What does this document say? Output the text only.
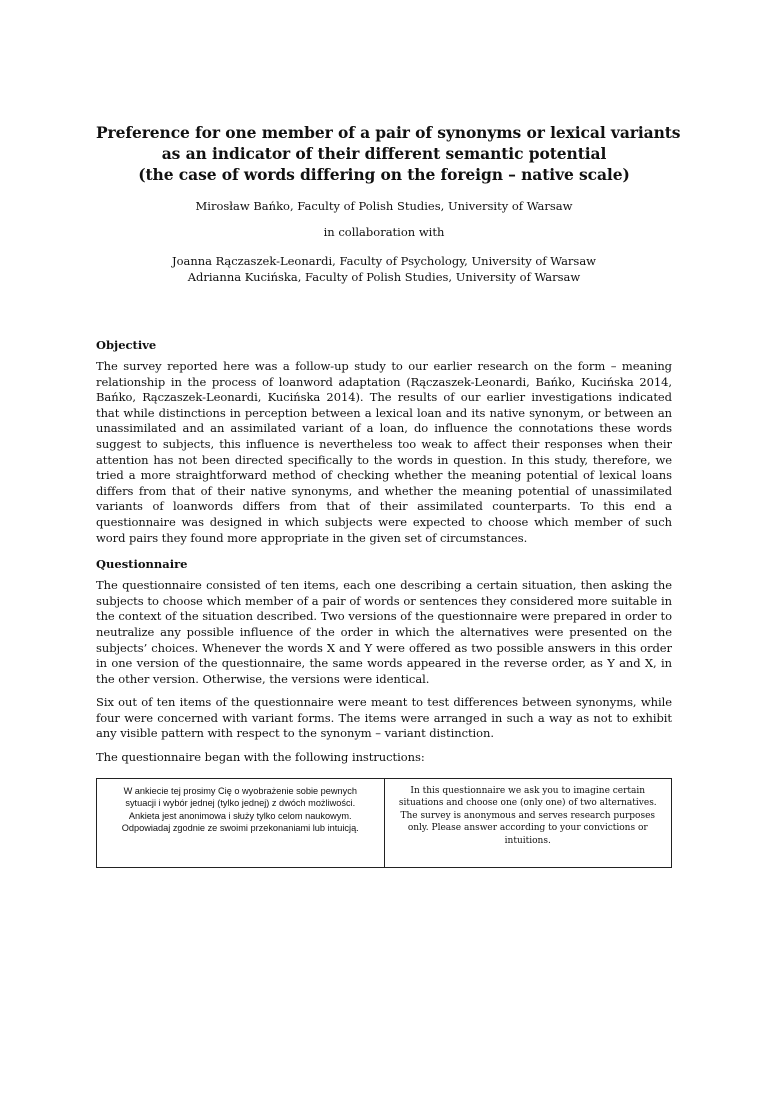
Preference for one member of a pair of synonyms or lexical variants
as an indicator of their different semantic potential
(the case of words differing on the foreign – native scale)
Mirosław Bańko, Faculty of Polish Studies, University of Warsaw
in collaboration with
Joanna Rączaszek-Leonardi, Faculty of Psychology, University of Warsaw
Adrianna Kucińska, Faculty of Polish Studies, University of Warsaw
Objective

The survey reported here was a follow-up study to our earlier research on the form – meaning relationship in the process of loanword adaptation (Rączaszek-Leonardi, Bańko, Kucińska 2014, Bańko, Rączaszek-Leonardi, Kucińska 2014). The results of our earlier investigations indicated that while distinctions in perception between a lexical loan and its native synonym, or between an unassimilated and an assimilated variant of a loan, do influence the connotations these words suggest to subjects, this influence is nevertheless too weak to affect their responses when their attention has not been directed specifically to the words in question. In this study, therefore, we tried a more straightforward method of checking whether the meaning potential of lexical loans differs from that of their native synonyms, and whether the meaning potential of unassimilated variants of loanwords differs from that of their assimilated counterparts. To this end a questionnaire was designed in which subjects were expected to choose which member of such word pairs they found more appropriate in the given set of circumstances.

Questionnaire

The questionnaire consisted of ten items, each one describing a certain situation, then asking the subjects to choose which member of a pair of words or sentences they considered more suitable in the context of the situation described. Two versions of the questionnaire were prepared in order to neutralize any possible influence of the order in which the alternatives were presented on the subjects’ choices. Whenever the words X and Y were offered as two possible answers in this order in one version of the questionnaire, the same words appeared in the reverse order, as Y and X, in the other version. Otherwise, the versions were identical.

Six out of ten items of the questionnaire were meant to test differences between synonyms, while four were concerned with variant forms. The items were arranged in such a way as not to exhibit any visible pattern with respect to the synonym – variant distinction.

The questionnaire began with the following instructions:

W ankiecie tej prosimy Cię o wyobrażenie sobie pewnych sytuacji i wybór jednej (tylko jednej) z dwóch możliwości.
Ankieta jest anonimowa i służy tylko celom naukowym. Odpowiadaj zgodnie ze swoimi przekonaniami lub intuicją.
In this questionnaire we ask you to imagine certain situations and choose one (only one) of two alternatives. The survey is anonymous and serves research purposes only. Please answer according to your convictions or intuitions.
